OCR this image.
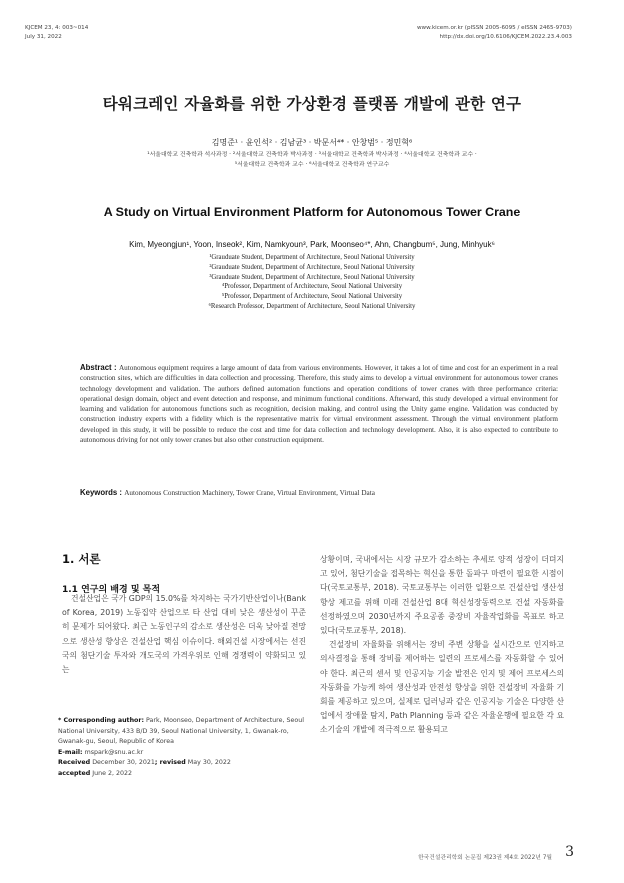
KJCEM 23, 4: 003~014
July 31, 2022
www.kicem.or.kr (pISSN 2005-6095 / eISSN 2465-9703)
http://dx.doi.org/10.6106/KJCEM.2022.23.4.003
타워크레인 자율화를 위한 가상환경 플랫폼 개발에 관한 연구
김명준¹ · 윤인석² · 김남균³ · 박문서⁴* · 안창범⁵ · 정민혁⁶
¹서울대학교 건축학과 석사과정 · ²서울대학교 건축학과 박사과정 · ³서울대학교 건축학과 박사과정 · ⁴서울대학교 건축학과 교수 ·
⁵서울대학교 건축학과 교수 · ⁶서울대학교 건축학과 연구교수
A Study on Virtual Environment Platform for Autonomous Tower Crane
Kim, Myeongjun¹, Yoon, Inseok², Kim, Namkyoun³, Park, Moonseo⁴*, Ahn, Changbum⁵, Jung, Minhyuk⁶
¹Grauduate Student, Department of Architecture, Seoul National University
²Grauduate Student, Department of Architecture, Seoul National University
³Grauduate Student, Department of Architecture, Seoul National University
⁴Professor, Department of Architecture, Seoul National University
⁵Professor, Department of Architecture, Seoul National University
⁶Research Professor, Department of Architecture, Seoul National University
Abstract : Autonomous equipment requires a large amount of data from various environments. However, it takes a lot of time and cost for an experiment in a real construction sites, which are difficulties in data collection and processing. Therefore, this study aims to develop a virtual environment for autonomous tower cranes technology development and validation. The authors defined automation functions and operation conditions of tower cranes with three performance criteria: operational design domain, object and event detection and response, and minimum functional conditions. Afterward, this study developed a virtual environment for learning and validation for autonomous functions such as recognition, decision making, and control using the Unity game engine. Validation was conducted by construction industry experts with a fidelity which is the representative matrix for virtual environment assessment. Through the virtual environment platform developed in this study, it will be possible to reduce the cost and time for data collection and technology development. Also, it is also expected to contribute to autonomous driving for not only tower cranes but also other construction equipment.
Keywords : Autonomous Construction Machinery, Tower Crane, Virtual Environment, Virtual Data
1. 서론
1.1 연구의 배경 및 목적

건설산업은 국가 GDP의 15.0%를 차지하는 국가기반산업이나(Bank of Korea, 2019) 노동집약 산업으로 타 산업 대비 낮은 생산성이 꾸준히 문제가 되어왔다. 최근 노동인구의 감소로 생산성은 더욱 낮아질 전망으로 생산성 향상은 건설산업 핵심 이슈이다. 해외건설 시장에서는 선진국의 첨단기술 투자와 개도국의 가격우위로 인해 경쟁력이 약화되고 있는

상황이며, 국내에서는 시장 규모가 감소하는 추세로 양적 성장이 더뎌지고 있어, 첨단기술을 접목하는 혁신을 통한 돌파구 마련이 필요한 시점이다(국토교통부, 2018). 국토교통부는 이러한 일환으로 건설산업 생산성 향상 제고를 위해 미래 건설산업 8대 혁신성장동력으로 건설 자동화를 선정하였으며 2030년까지 주요공종 중장비 자율작업화를 목표로 하고 있다(국토교통부, 2018).

건설장비 자율화를 위해서는 장비 주변 상황을 실시간으로 인지하고 의사결정을 통해 장비를 제어하는 일련의 프로세스를 자동화할 수 있어야 한다. 최근의 센서 및 인공지능 기술 발전은 인지 및 제어 프로세스의 자동화를 가능케 하여 생산성과 안전성 향상을 위한 건설장비 자율화 기회를 제공하고 있으며, 실제로 딥러닝과 같은 인공지능 기술은 다양한 산업에서 장애물 탐지, Path Planning 등과 같은 자율운행에 필요한 각 요소기술의 개발에 적극적으로 활용되고

* Corresponding author: Park, Moonseo, Department of Architecture, Seoul National University, 433 B/D 39, Seoul National University, 1, Gwanak-ro, Gwanak-gu, Seoul, Republic of Korea

E-mail: mspark@snu.ac.kr

Received December 30, 2021; revised May 30, 2022

accepted June 2, 2022

한국건설관리학회 논문집 제23권 제4호 2022년 7월 3
